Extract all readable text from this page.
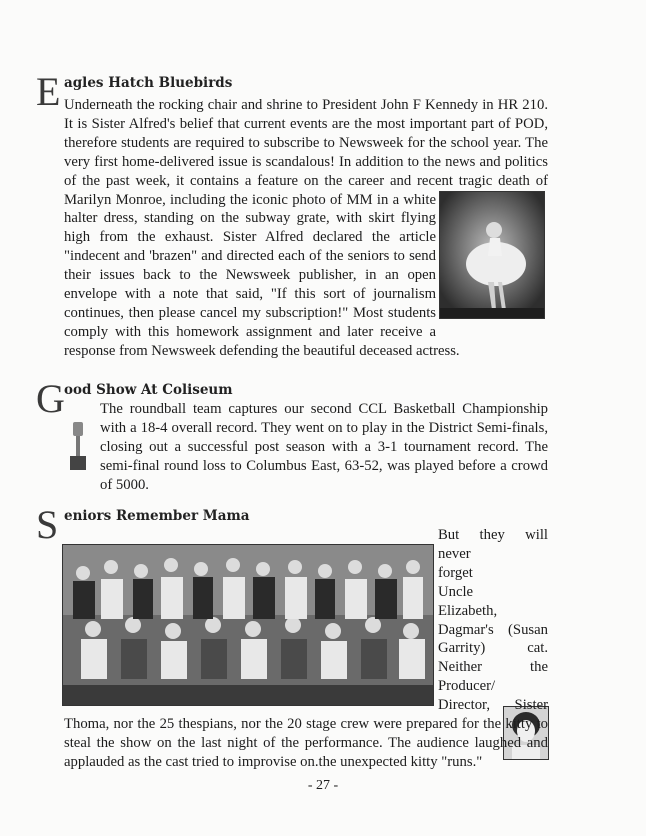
E agles Hatch Bluebirds
Underneath the rocking chair and shrine to President John F Kennedy in HR 210. It is Sister Alfred's belief that current events are the most important part of POD, therefore students are required to subscribe to Newsweek for the school year. The very first home-delivered issue is scandalous! In addition to the news and politics of the past week, it contains a feature on the career and recent tragic death of Marilyn Monroe, including the iconic photo of MM in a white halter dress, standing on the subway grate, with skirt flying high from the exhaust. Sister Alfred declared the article "indecent and 'brazen" and directed each of the seniors to send their issues back to the Newsweek publisher, in an open envelope with a note that said, "If this sort of journalism continues, then please cancel my subscription!" Most students comply with this homework assignment and later receive a response from Newsweek defending the beautiful deceased actress.
G ood Show At Coliseum
The roundball team captures our second CCL Basketball Championship with a 18-4 overall record. They went on to play in the District Semi-finals, closing out a successful post season with a 3-1 tournament record. The semi-final round loss to Columbus East, 63-52, was played before a crowd of 5000.
S eniors Remember Mama
But they will never forget Uncle Elizabeth, Dagmar's (Susan Garrity) cat. Neither the Producer/ Director, Sister Thoma, nor the 25 thespians, nor the 20 stage crew were prepared for the kitty to steal the show on the last night of the performance. The audience laughed and applauded as the cast tried to improvise on.the unexpected kitty "runs."
- 27 -
